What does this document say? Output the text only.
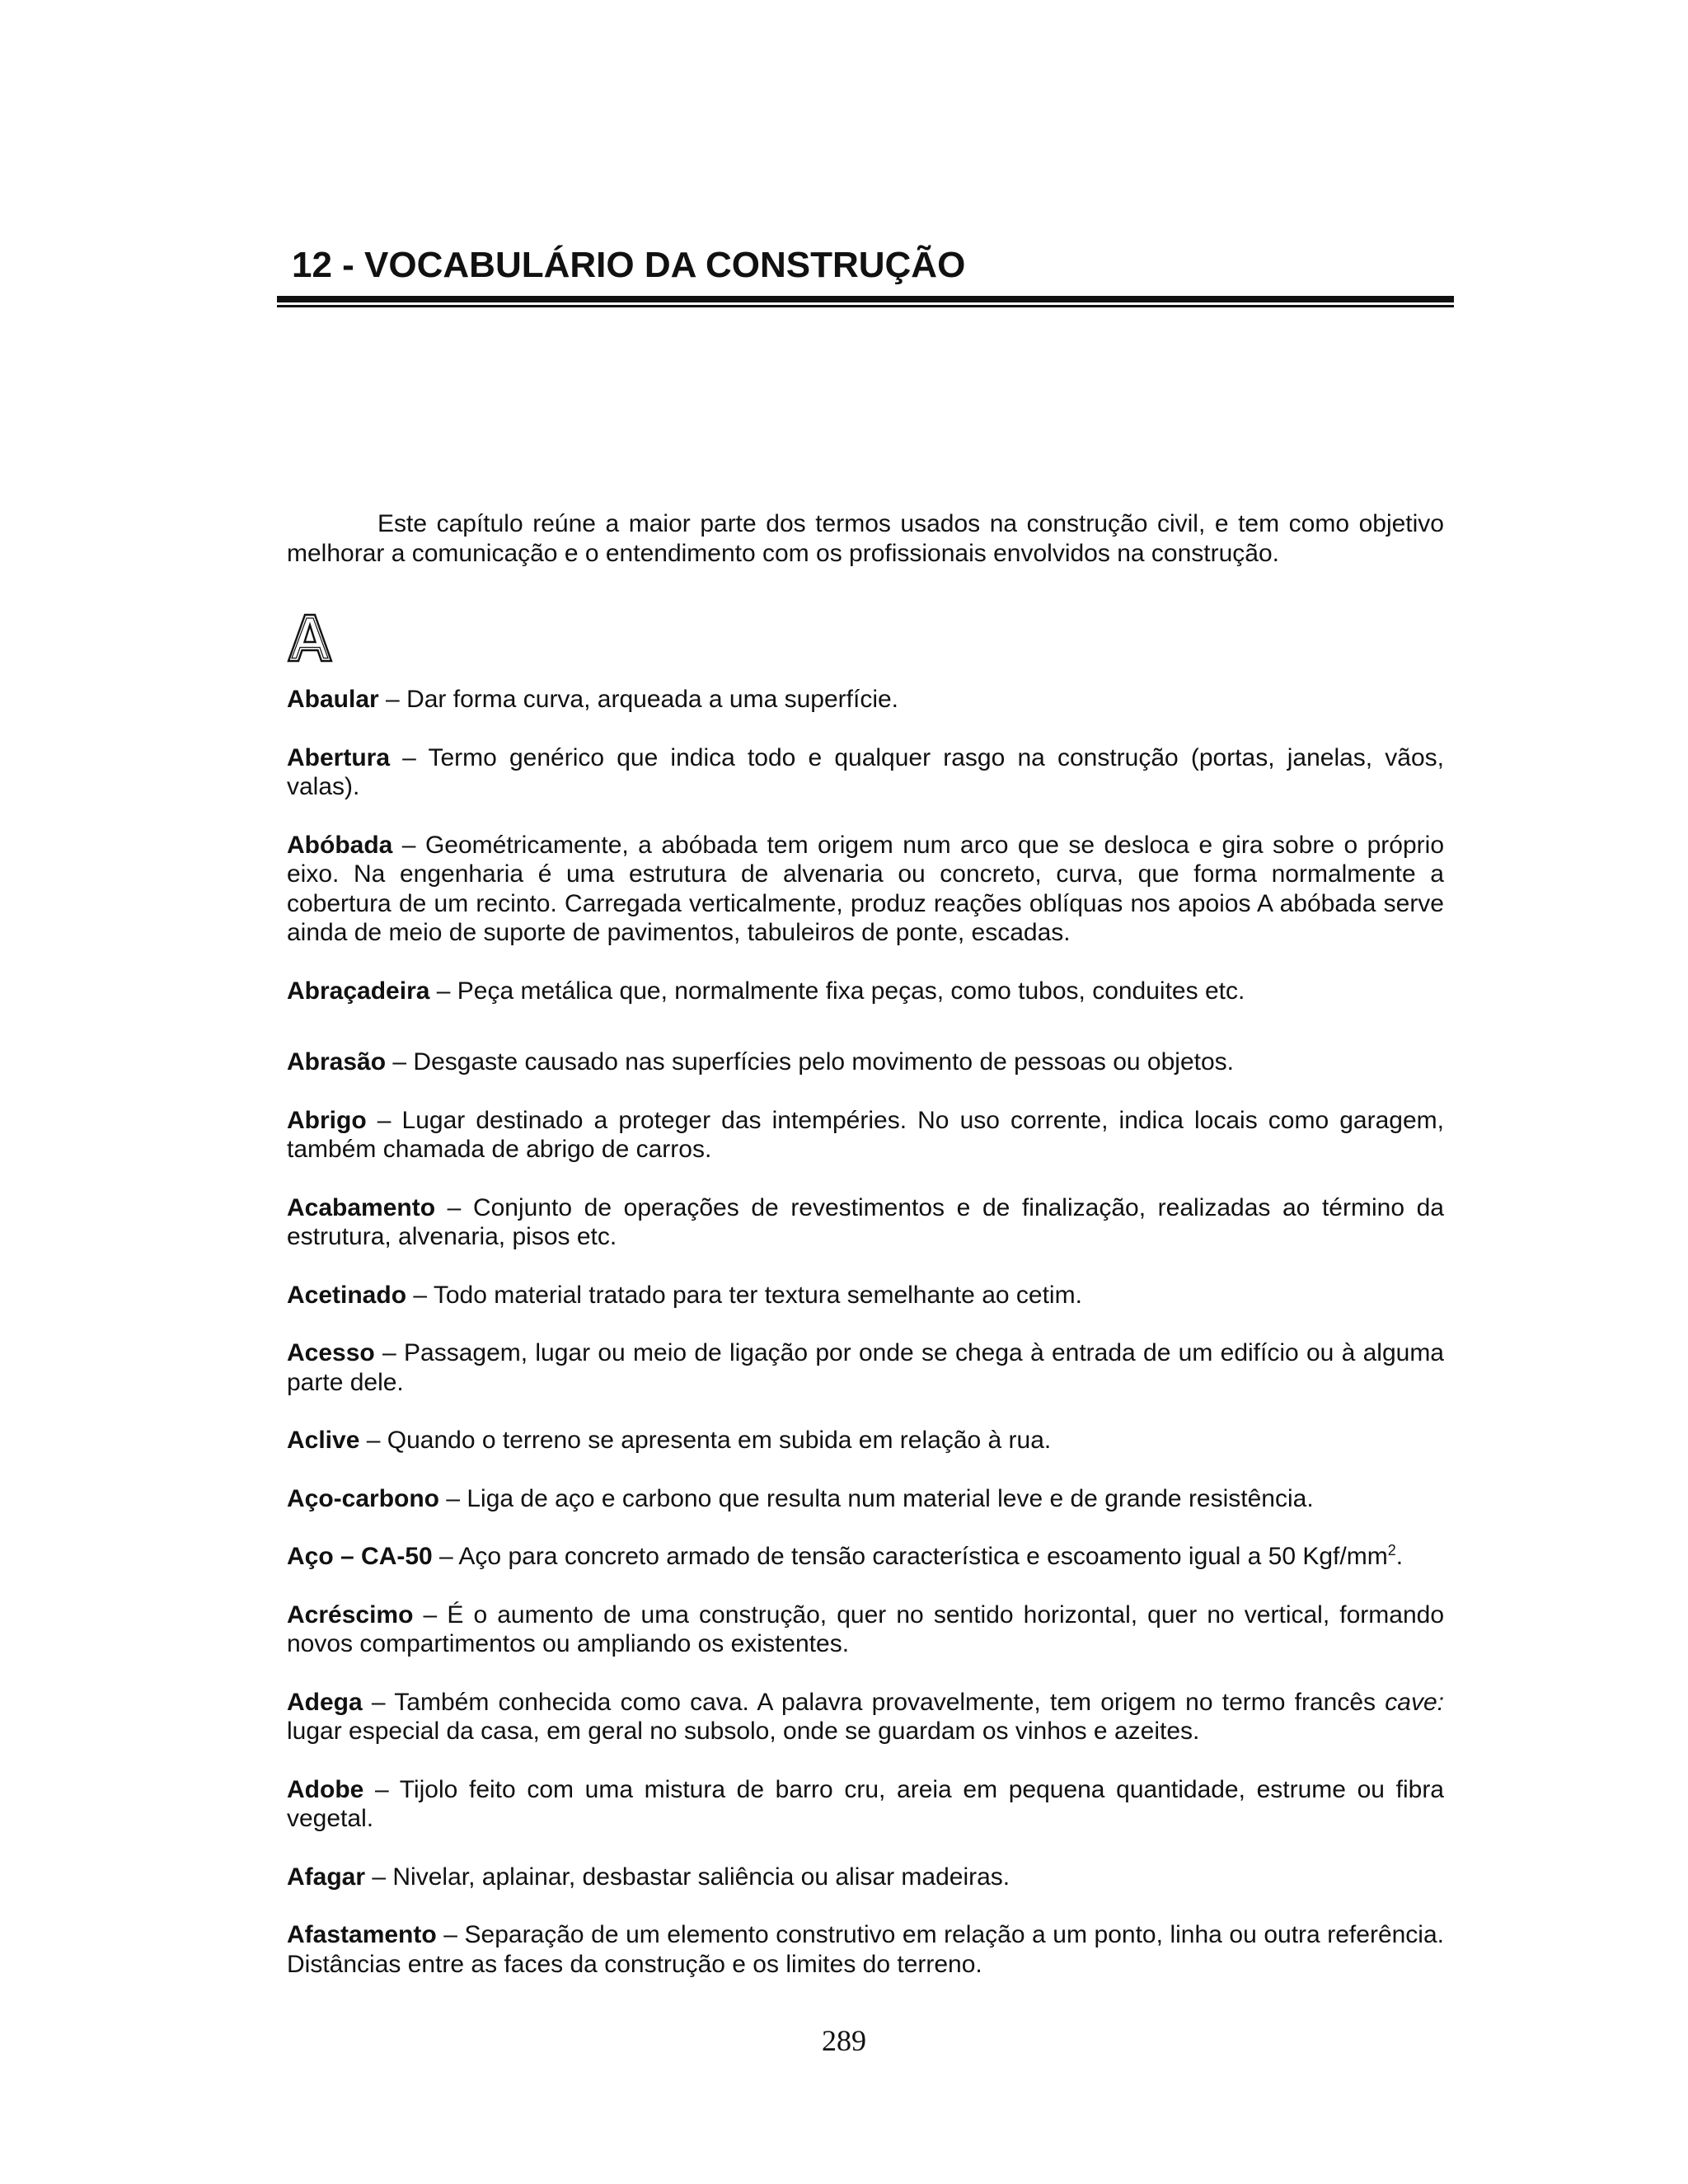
12 - VOCABULÁRIO DA CONSTRUÇÃO

Este capítulo reúne a maior parte dos termos usados na construção civil, e tem como objetivo melhorar a comunicação e o entendimento com os profissionais envolvidos na construção.

Abaular – Dar forma curva, arqueada a uma superfície.

Abertura – Termo genérico que indica todo e qualquer rasgo na construção (portas, janelas, vãos, valas).

Abóbada – Geométricamente, a abóbada tem origem num arco que se desloca e gira sobre o próprio eixo. Na engenharia é uma estrutura de alvenaria ou concreto, curva, que forma normalmente a cobertura de um recinto. Carregada verticalmente, produz reações oblíquas nos apoios A abóbada serve ainda de meio de suporte de pavimentos, tabuleiros de ponte, escadas.

Abraçadeira – Peça metálica que, normalmente fixa peças, como tubos, conduites etc.

Abrasão – Desgaste causado nas superfícies pelo movimento de pessoas ou objetos.

Abrigo – Lugar destinado a proteger das intempéries. No uso corrente, indica locais como garagem, também chamada de abrigo de carros.

Acabamento – Conjunto de operações de revestimentos e de finalização, realizadas ao término da estrutura, alvenaria, pisos etc.

Acetinado – Todo material tratado para ter textura semelhante ao cetim.

Acesso – Passagem, lugar ou meio de ligação por onde se chega à entrada de um edifício ou à alguma parte dele.

Aclive – Quando o terreno se apresenta em subida em relação à rua.

Aço-carbono – Liga de aço e carbono que resulta num material leve e de grande resistência.

Aço – CA-50 – Aço para concreto armado de tensão característica e escoamento igual a 50 Kgf/$mm^2$.

Acréscimo – É o aumento de uma construção, quer no sentido horizontal, quer no vertical, formando novos compartimentos ou ampliando os existentes.

Adega – Também conhecida como cava. A palavra provavelmente, tem origem no termo francês cave: lugar especial da casa, em geral no subsolo, onde se guardam os vinhos e azeites.

Adobe – Tijolo feito com uma mistura de barro cru, areia em pequena quantidade, estrume ou fibra vegetal.

Afagar – Nivelar, aplainar, desbastar saliência ou alisar madeiras.

Afastamento – Separação de um elemento construtivo em relação a um ponto, linha ou outra referência. Distâncias entre as faces da construção e os limites do terreno.

289
